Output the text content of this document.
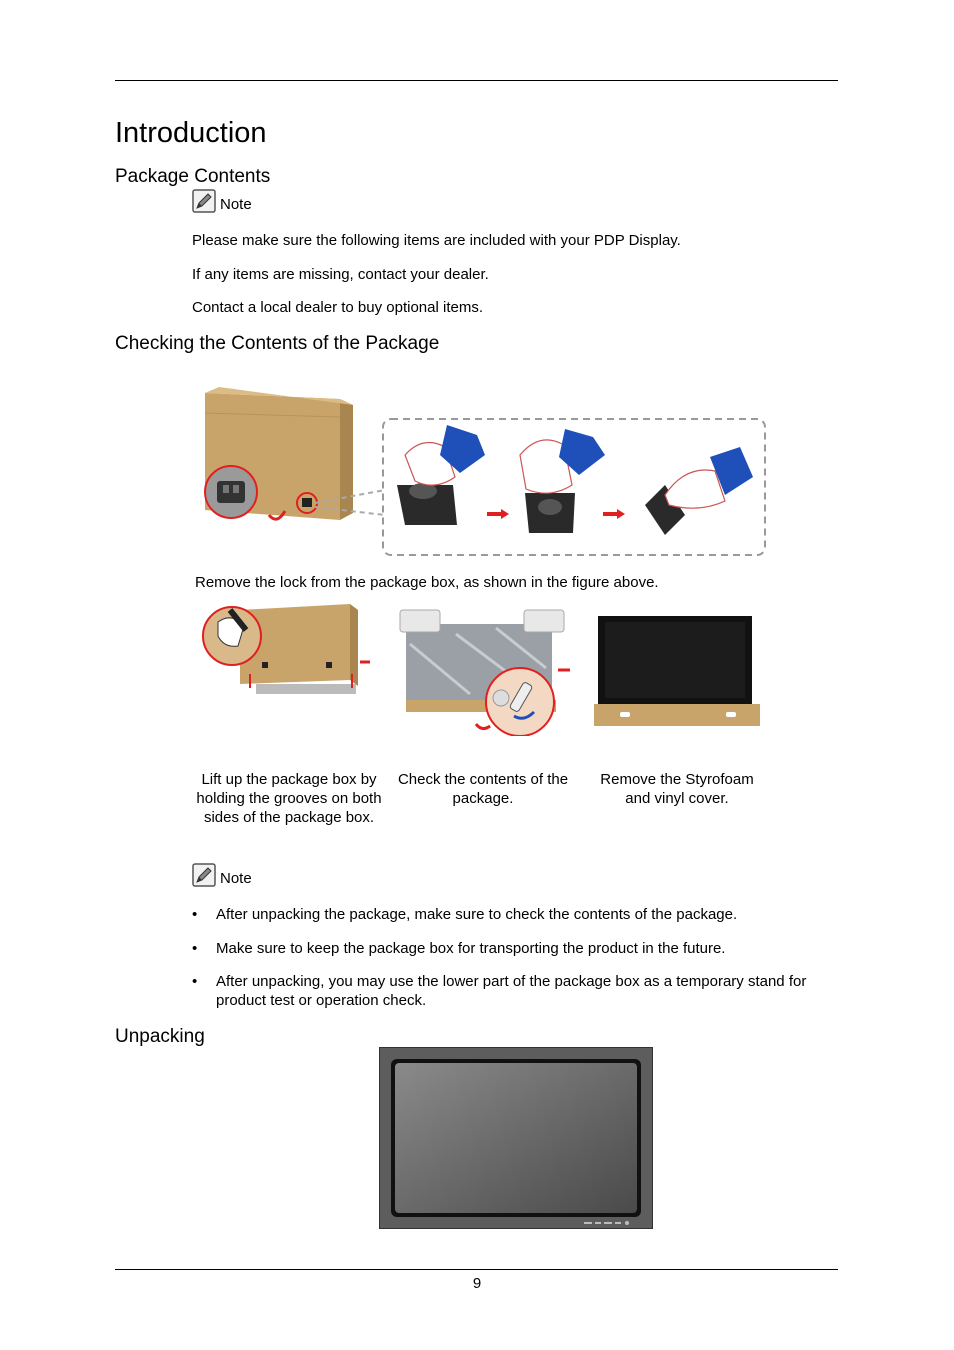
Introduction
Package Contents
Note
Please make sure the following items are included with your PDP Display.
If any items are missing, contact your dealer.
Contact a local dealer to buy optional items.
Checking the Contents of the Package
Remove the lock from the package box, as shown in the figure above.
Lift up the package box by holding the grooves on both sides of the package box.
Check the contents of the package.
Remove the Styrofoam and vinyl cover.
Note
•	After unpacking the package, make sure to check the contents of the package.
•	Make sure to keep the package box for transporting the product in the future.
•	After unpacking, you may use the lower part of the package box as a temporary stand for product test or operation check.
Unpacking
9
